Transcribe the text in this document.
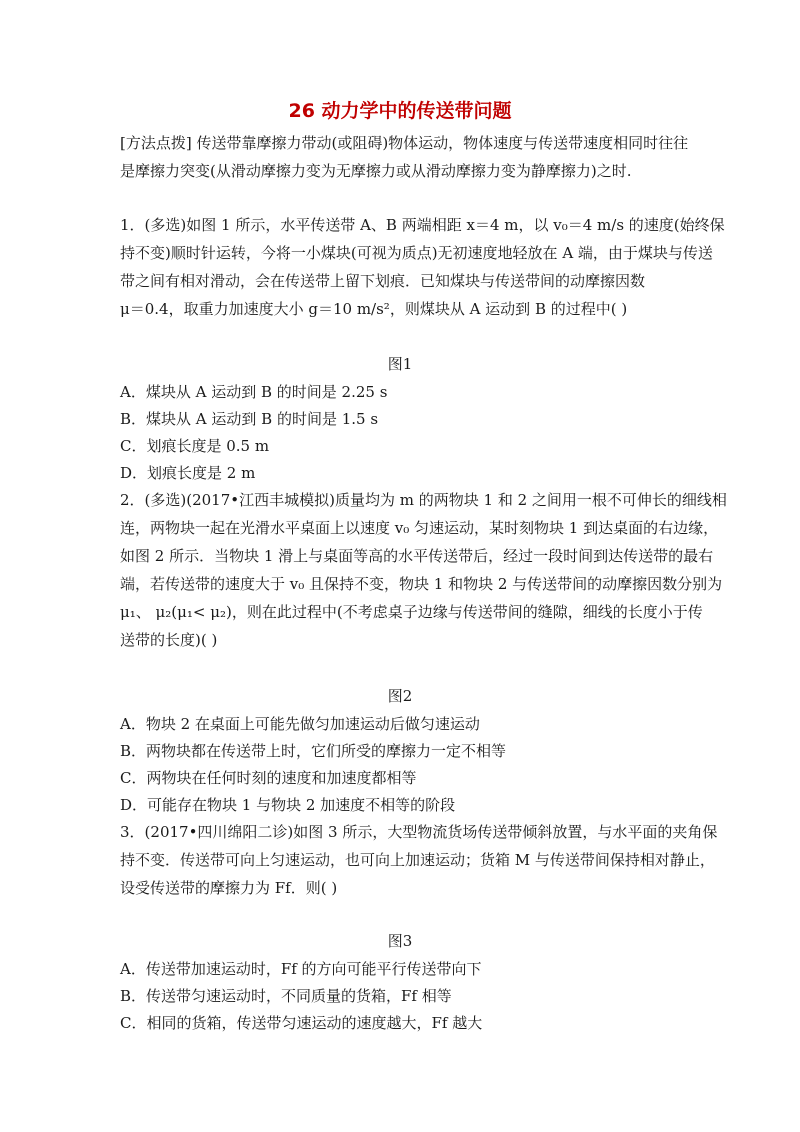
26 动力学中的传送带问题
[方法点拨] 传送带靠摩擦力带动(或阻碍)物体运动，物体速度与传送带速度相同时往往
是摩擦力突变(从滑动摩擦力变为无摩擦力或从滑动摩擦力变为静摩擦力)之时.
1．(多选)如图 1 所示，水平传送带 A、B 两端相距 x＝4 m，以 v₀＝4 m/s 的速度(始终保
持不变)顺时针运转，今将一小煤块(可视为质点)无初速度地轻放在 A 端，由于煤块与传送
带之间有相对滑动，会在传送带上留下划痕．已知煤块与传送带间的动摩擦因数
μ＝0.4，取重力加速度大小 g＝10 m/s²，则煤块从 A 运动到 B 的过程中( )
图1
A．煤块从 A 运动到 B 的时间是 2.25 s
B．煤块从 A 运动到 B 的时间是 1.5 s
C．划痕长度是 0.5 m
D．划痕长度是 2 m
2．(多选)(2017•江西丰城模拟)质量均为 m 的两物块 1 和 2 之间用一根不可伸长的细线相
连，两物块一起在光滑水平桌面上以速度 v₀ 匀速运动，某时刻物块 1 到达桌面的右边缘，
如图 2 所示．当物块 1 滑上与桌面等高的水平传送带后，经过一段时间到达传送带的最右
端，若传送带的速度大于 v₀ 且保持不变，物块 1 和物块 2 与传送带间的动摩擦因数分别为
μ₁、 μ₂(μ₁< μ₂)，则在此过程中(不考虑桌子边缘与传送带间的缝隙，细线的长度小于传
送带的长度)( )
图2
A．物块 2 在桌面上可能先做匀加速运动后做匀速运动
B．两物块都在传送带上时，它们所受的摩擦力一定不相等
C．两物块在任何时刻的速度和加速度都相等
D．可能存在物块 1 与物块 2 加速度不相等的阶段
3．(2017•四川绵阳二诊)如图 3 所示，大型物流货场传送带倾斜放置，与水平面的夹角保
持不变．传送带可向上匀速运动，也可向上加速运动；货箱 M 与传送带间保持相对静止，
设受传送带的摩擦力为 Ff．则( )
图3
A．传送带加速运动时，Ff 的方向可能平行传送带向下
B．传送带匀速运动时，不同质量的货箱，Ff 相等
C．相同的货箱，传送带匀速运动的速度越大，Ff 越大
